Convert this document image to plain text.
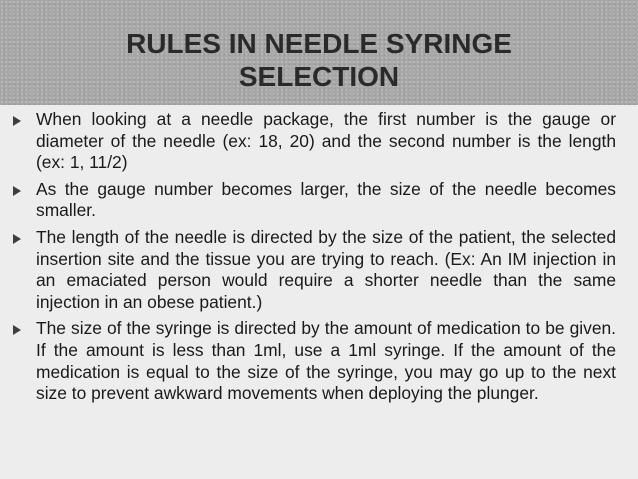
RULES IN NEEDLE SYRINGE
SELECTION
When looking at a needle package, the first number is the gauge or diameter of the needle (ex: 18, 20) and the second number is the length (ex: 1, 11/2)
As the gauge number becomes larger, the size of the needle becomes smaller.
The length of the needle is directed by the size of the patient, the selected insertion site and the tissue you are trying to reach. (Ex: An IM injection in an emaciated person would require a shorter needle than the same injection in an obese patient.)
The size of the syringe is directed by the amount of medication to be given. If the amount is less than 1ml, use a 1ml syringe. If the amount of the medication is equal to the size of the syringe, you may go up to the next size to prevent awkward movements when deploying the plunger.
